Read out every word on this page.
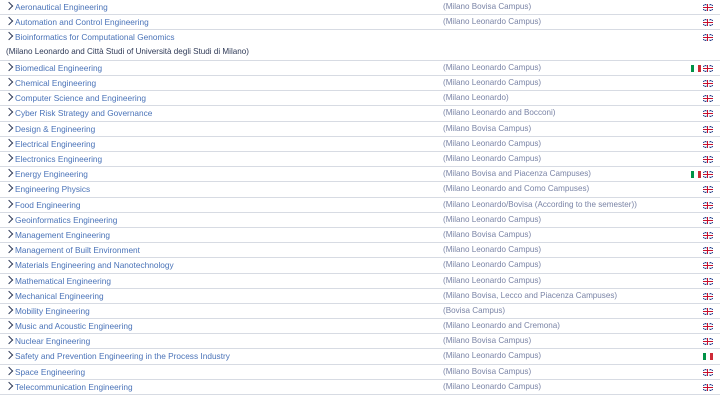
Aeronautical Engineering	(Milano Bovisa Campus)
Automation and Control Engineering	(Milano Leonardo Campus)
Bioinformatics for Computational Genomics
(Milano Leonardo and Città Studi of Università degli Studi di Milano)
Biomedical Engineering	(Milano Leonardo Campus)
Chemical Engineering	(Milano Leonardo Campus)
Computer Science and Engineering	(Milano Leonardo)
Cyber Risk Strategy and Governance	(Milano Leonardo and Bocconi)
Design & Engineering	(Milano Bovisa Campus)
Electrical Engineering	(Milano Leonardo Campus)
Electronics Engineering	(Milano Leonardo Campus)
Energy Engineering	(Milano Bovisa and Piacenza Campuses)
Engineering Physics	(Milano Leonardo and Como Campuses)
Food Engineering	(Milano Leonardo/Bovisa (According to the semester))
Geoinformatics Engineering	(Milano Leonardo Campus)
Management Engineering	(Milano Bovisa Campus)
Management of Built Environment	(Milano Leonardo Campus)
Materials Engineering and Nanotechnology	(Milano Leonardo Campus)
Mathematical Engineering	(Milano Leonardo Campus)
Mechanical Engineering	(Milano Bovisa, Lecco and Piacenza Campuses)
Mobility Engineering	(Bovisa Campus)
Music and Acoustic Engineering	(Milano Leonardo and Cremona)
Nuclear Engineering	(Milano Bovisa Campus)
Safety and Prevention Engineering in the Process Industry	(Milano Leonardo Campus)
Space Engineering	(Milano Bovisa Campus)
Telecommunication Engineering	(Milano Leonardo Campus)
